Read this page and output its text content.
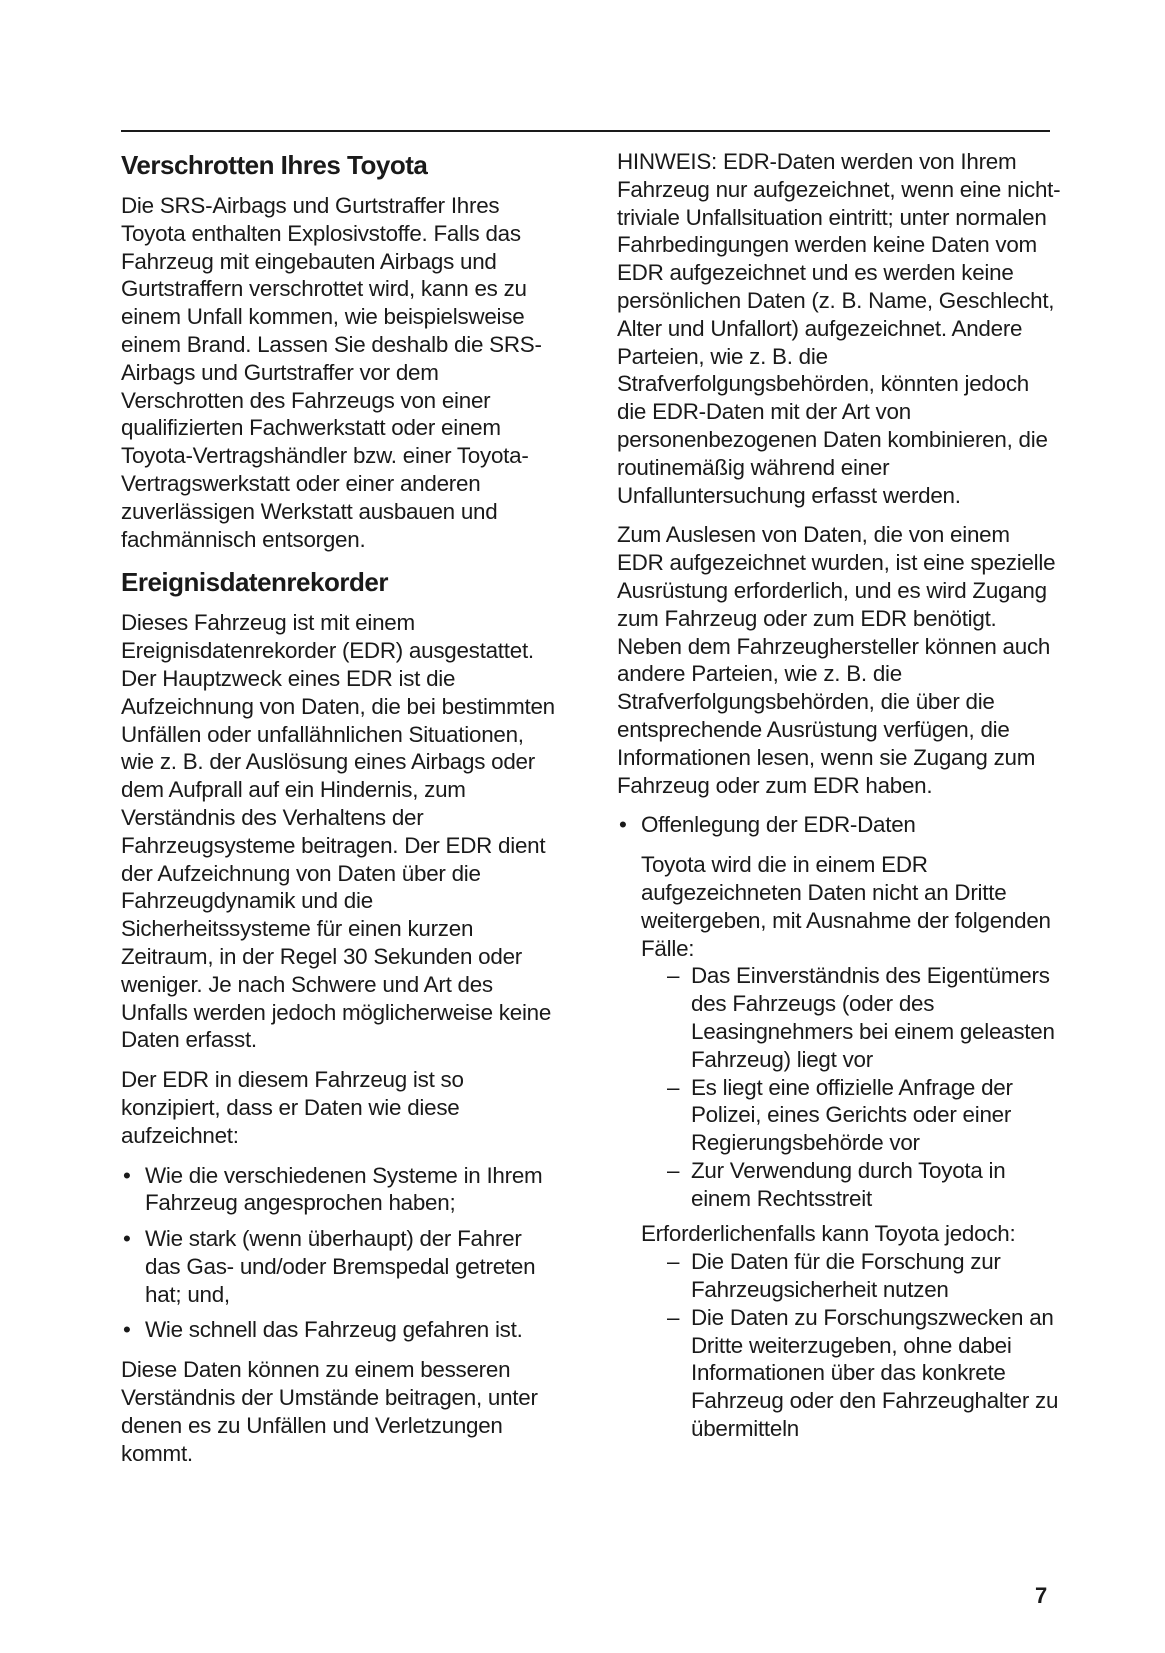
Verschrotten Ihres Toyota

Die SRS-Airbags und Gurtstraffer Ihres Toyota enthalten Explosivstoffe. Falls das Fahrzeug mit eingebauten Airbags und Gurtstraffern verschrottet wird, kann es zu einem Unfall kommen, wie beispielsweise einem Brand. Lassen Sie deshalb die SRS-Airbags und Gurtstraffer vor dem Verschrotten des Fahrzeugs von einer qualifizierten Fachwerkstatt oder einem Toyota-Vertragshändler bzw. einer Toyota-Vertragswerkstatt oder einer anderen zuverlässigen Werkstatt ausbauen und fachmännisch entsorgen.

Ereignisdatenrekorder

Dieses Fahrzeug ist mit einem Ereignisdatenrekorder (EDR) ausgestattet. Der Hauptzweck eines EDR ist die Aufzeichnung von Daten, die bei bestimmten Unfällen oder unfallähnlichen Situationen, wie z. B. der Auslösung eines Airbags oder dem Aufprall auf ein Hindernis, zum Verständnis des Verhaltens der Fahrzeugsysteme beitragen. Der EDR dient der Aufzeichnung von Daten über die Fahrzeugdynamik und die Sicherheitssysteme für einen kurzen Zeitraum, in der Regel 30 Sekunden oder weniger. Je nach Schwere und Art des Unfalls werden jedoch möglicherweise keine Daten erfasst.

Der EDR in diesem Fahrzeug ist so konzipiert, dass er Daten wie diese aufzeichnet:

• Wie die verschiedenen Systeme in Ihrem Fahrzeug angesprochen haben;
• Wie stark (wenn überhaupt) der Fahrer das Gas- und/oder Bremspedal getreten hat; und,
• Wie schnell das Fahrzeug gefahren ist.

Diese Daten können zu einem besseren Verständnis der Umstände beitragen, unter denen es zu Unfällen und Verletzungen kommt.

HINWEIS: EDR-Daten werden von Ihrem Fahrzeug nur aufgezeichnet, wenn eine nicht-triviale Unfallsituation eintritt; unter normalen Fahrbedingungen werden keine Daten vom EDR aufgezeichnet und es werden keine persönlichen Daten (z. B. Name, Geschlecht, Alter und Unfallort) aufgezeichnet. Andere Parteien, wie z. B. die Strafverfolgungsbehörden, könnten jedoch die EDR-Daten mit der Art von personenbezogenen Daten kombinieren, die routinemäßig während einer Unfalluntersuchung erfasst werden.

Zum Auslesen von Daten, die von einem EDR aufgezeichnet wurden, ist eine spezielle Ausrüstung erforderlich, und es wird Zugang zum Fahrzeug oder zum EDR benötigt. Neben dem Fahrzeughersteller können auch andere Parteien, wie z. B. die Strafverfolgungsbehörden, die über die entsprechende Ausrüstung verfügen, die Informationen lesen, wenn sie Zugang zum Fahrzeug oder zum EDR haben.

• Offenlegung der EDR-Daten

Toyota wird die in einem EDR aufgezeichneten Daten nicht an Dritte weitergeben, mit Ausnahme der folgenden Fälle:

– Das Einverständnis des Eigentümers des Fahrzeugs (oder des Leasingnehmers bei einem geleasten Fahrzeug) liegt vor
– Es liegt eine offizielle Anfrage der Polizei, eines Gerichts oder einer Regierungsbehörde vor
– Zur Verwendung durch Toyota in einem Rechtsstreit

Erforderlichenfalls kann Toyota jedoch:

– Die Daten für die Forschung zur Fahrzeugsicherheit nutzen
– Die Daten zu Forschungszwecken an Dritte weiterzugeben, ohne dabei Informationen über das konkrete Fahrzeug oder den Fahrzeughalter zu übermitteln
7
